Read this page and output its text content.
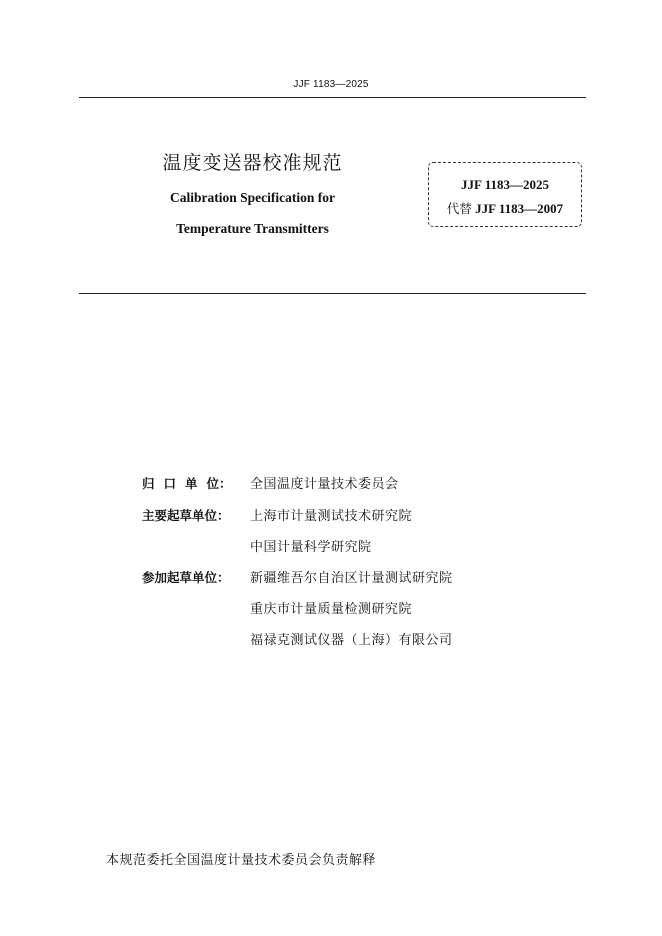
JJF 1183—2025
温度变送器校准规范
Calibration Specification for
Temperature Transmitters
JJF 1183—2025
代替 JJF 1183—2007
归口单位： 全国温度计量技术委员会
主要起草单位： 上海市计量测试技术研究院
中国计量科学研究院
参加起草单位： 新疆维吾尔自治区计量测试研究院
重庆市计量质量检测研究院
福禄克测试仪器（上海）有限公司
本规范委托全国温度计量技术委员会负责解释
